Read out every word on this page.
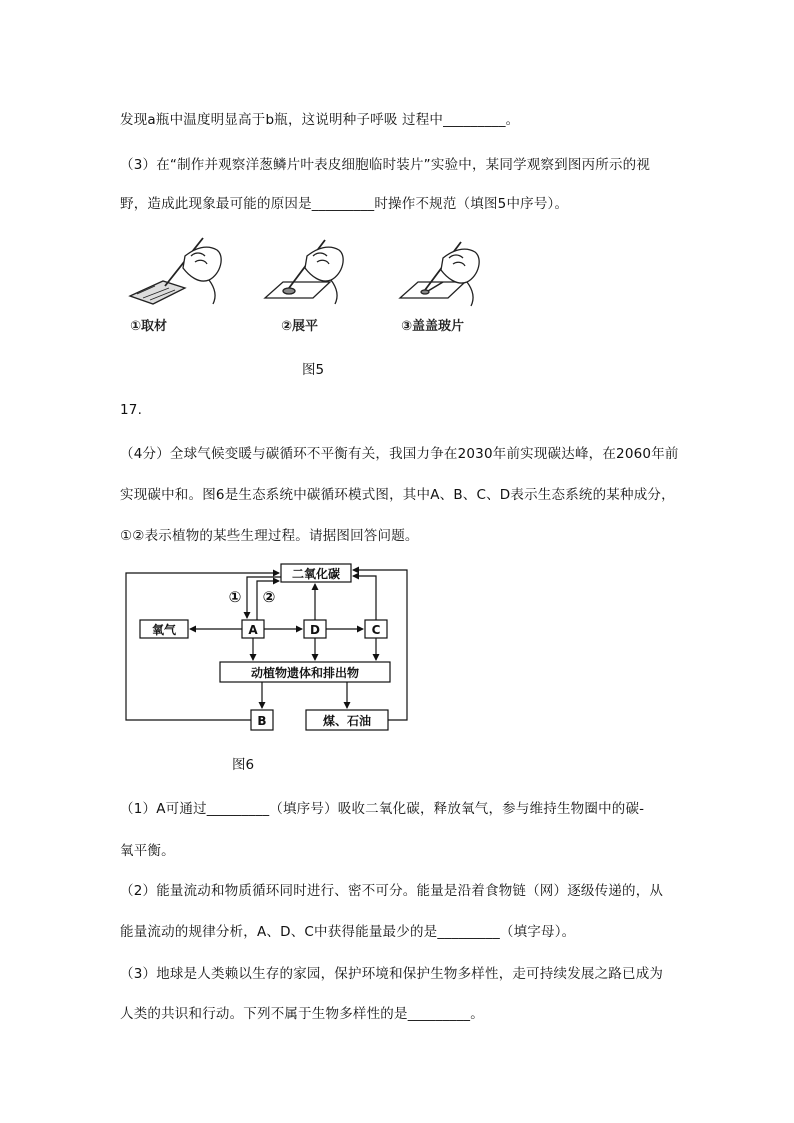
发现a瓶中温度明显高于b瓶，这说明种子呼吸 过程中_________。
（3）在“制作并观察洋葱鳞片叶表皮细胞临时装片”实验中，某同学观察到图丙所示的视
野，造成此现象最可能的原因是_________时操作不规范（填图5中序号）。
①取材	②展平	③盖盖玻片
图5
17.
（4分）全球气候变暖与碳循环不平衡有关，我国力争在2030年前实现碳达峰，在2060年前
实现碳中和。图6是生态系统中碳循环模式图，其中A、B、C、D表示生态系统的某种成分，
①②表示植物的某些生理过程。请据图回答问题。
二氧化碳
氧气	A	D	C
动植物遗体和排出物
B	煤、石油
① ②
图6
（1）A可通过_________（填序号）吸收二氧化碳，释放氧气，参与维持生物圈中的碳-
氧平衡。
（2）能量流动和物质循环同时进行、密不可分。能量是沿着食物链（网）逐级传递的，从
能量流动的规律分析，A、D、C中获得能量最少的是_________（填字母）。
（3）地球是人类赖以生存的家园，保护环境和保护生物多样性，走可持续发展之路已成为
人类的共识和行动。下列不属于生物多样性的是_________。
